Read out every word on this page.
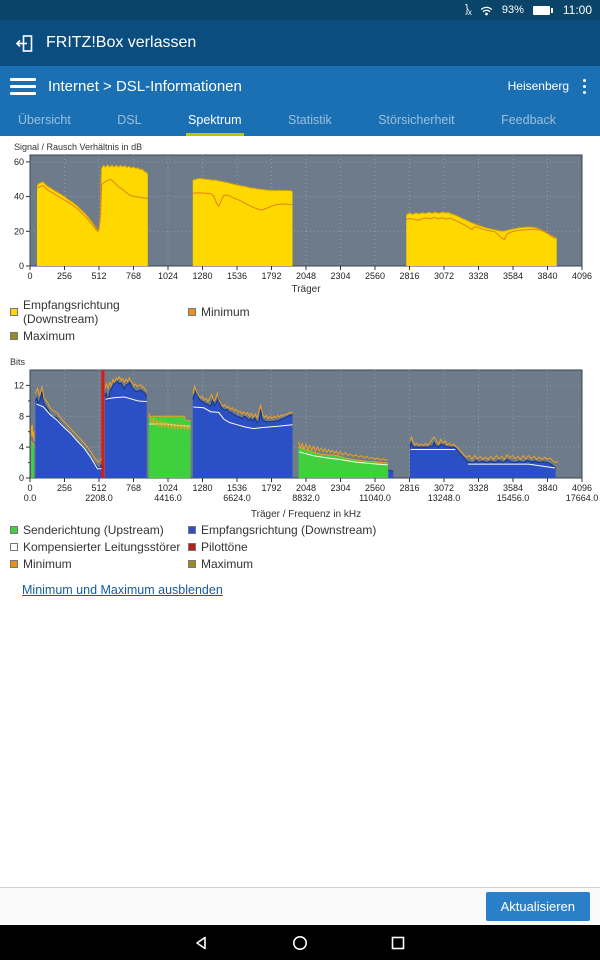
}$_x$	93%	11:00
FRITZ!Box verlassen
Internet > DSL-Informationen	Heisenberg
Übersicht	DSL	Spektrum	Statistik	Störsicherheit	Feedback
Signal / Rausch Verhältnis in dB
0	256 512 768 1024 1280 1536 1792 2048 2304 2560 2816 3072 3328 3584 3840 4096
0
20
40
60
Träger
Empfangsrichtung (Downstream)	Minimum
Maximum
Bits
0	256 512 768 1024 1280 1536 1792 2048 2304 2560 2816 3072 3328 3584 3840 4096
0
4
8
12
0.0	2208.0	4416.0	6624.0	8832.0	11040.0	13248.0	15456.0	17664.0
Träger / Frequenz in kHz
Senderichtung (Upstream)	Empfangsrichtung (Downstream)
Kompensierter Leitungsstörer Pilottöne
Minimum	Maximum
Minimum und Maximum ausblenden
Aktualisieren
